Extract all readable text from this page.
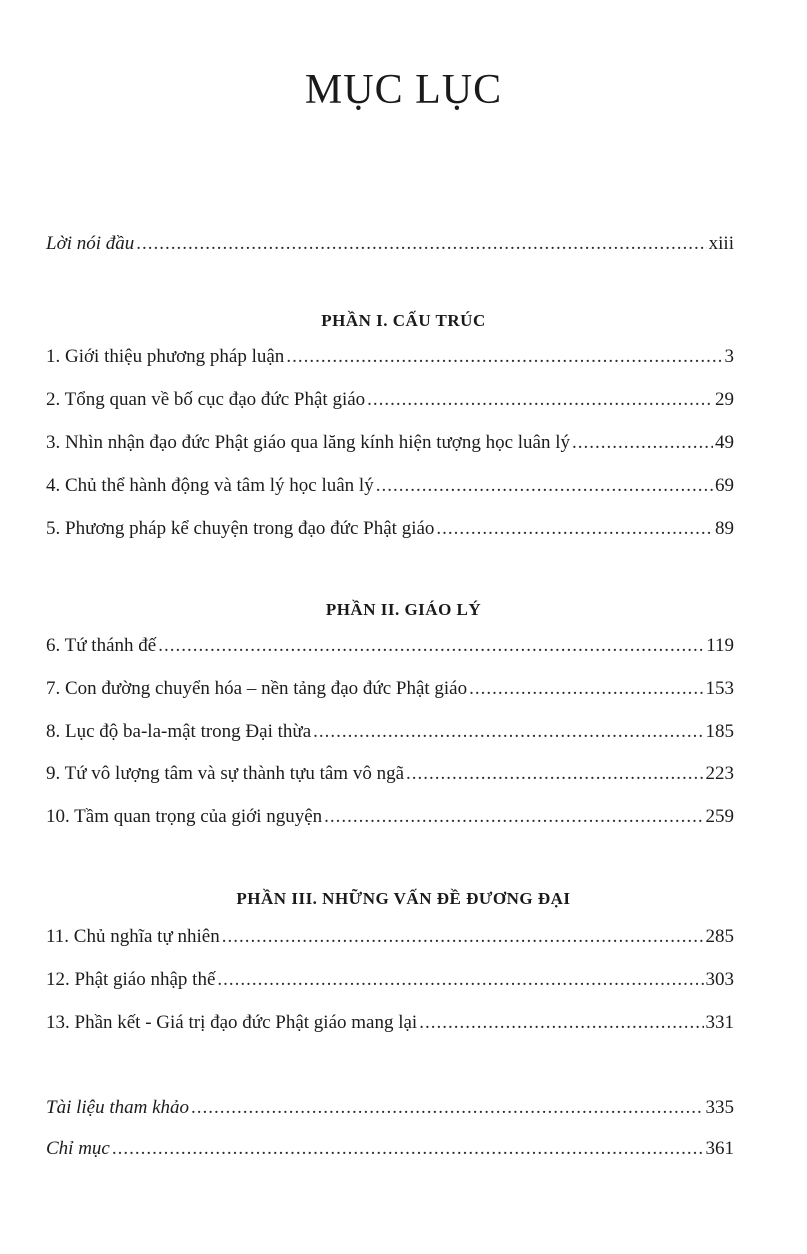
MỤC LỤC
Lời nói đầu .....	xiii
PHẦN I. CẤU TRÚC
1. Giới thiệu phương pháp luận .....	3
2. Tổng quan về bố cục đạo đức Phật giáo .....	29
3. Nhìn nhận đạo đức Phật giáo qua lăng kính hiện tượng học luân lý .....	49
4. Chủ thể hành động và tâm lý học luân lý .....	69
5. Phương pháp kể chuyện trong đạo đức Phật giáo .....	89
PHẦN II. GIÁO LÝ
6. Tứ thánh đế .....	119
7. Con đường chuyển hóa – nền tảng đạo đức Phật giáo .....	153
8. Lục độ ba-la-mật trong Đại thừa .....	185
9. Tứ vô lượng tâm và sự thành tựu tâm vô ngã .....	223
10. Tầm quan trọng của giới nguyện .....	259
PHẦN III. NHỮNG VẤN ĐỀ ĐƯƠNG ĐẠI
11. Chủ nghĩa tự nhiên .....	285
12. Phật giáo nhập thế .....	303
13. Phần kết - Giá trị đạo đức Phật giáo mang lại .....	331
Tài liệu tham khảo .....	335
Chỉ mục .....	361
